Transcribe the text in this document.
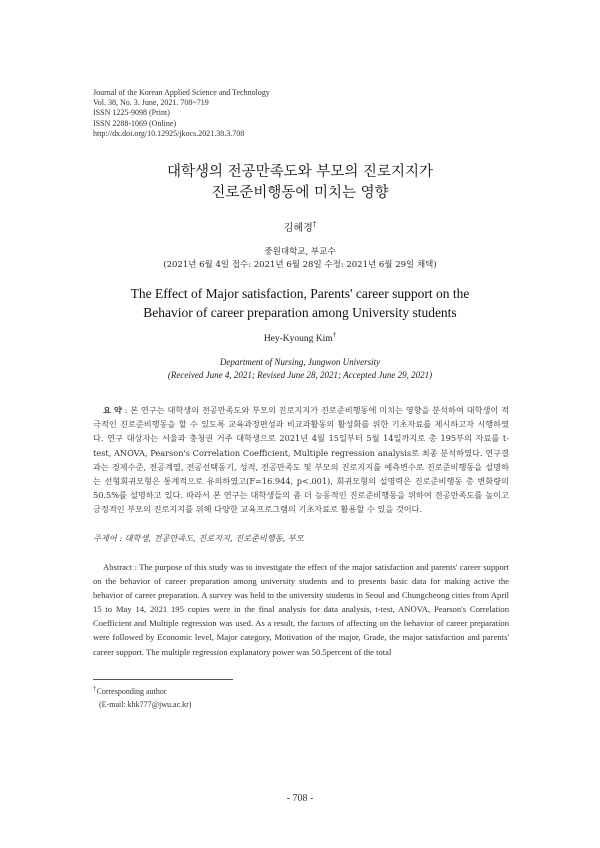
Journal of the Korean Applied Science and Technology
Vol. 38, No. 3. June, 2021. 708~719
ISSN 1225-9098 (Print)
ISSN 2288-1069 (Online)
http://dx.doi.org/10.12925/jkocs.2021.38.3.708
대학생의 전공만족도와 부모의 진로지지가
진로준비행동에 미치는 영향
김혜경†
중원대학교, 부교수
(2021년 6월 4일 접수: 2021년 6월 28일 수정: 2021년 6월 29일 채택)
The Effect of Major satisfaction, Parents' career support on the
Behavior of career preparation among University students
Hey-Kyoung Kim†
Department of Nursing, Jungwon University
(Received June 4, 2021; Revised June 28, 2021; Accepted June 29, 2021)
요 약 : 본 연구는 대학생의 전공만족도와 부모의 진로지지가 진로준비행동에 미치는 영향을 분석하여 대학생이 적극적인 진로준비행동을 할 수 있도록 교육과정편성과 비교과활동의 활성화를 위한 기초자료를 제시하고자 시행하였다. 연구 대상자는 서울과 충청권 거주 대학생으로 2021년 4월 15일부터 5월 14일까지로 총 195부의 자료를 t-test, ANOVA, Pearson's Correlation Coefficient, Multiple regression analysis로 최종 분석하였다. 연구결과는 경제수준, 전공계열, 전공선택동기, 성적, 전공만족도 및 부모의 진로지지를 예측변수로 진로준비행동을 설명하는 선형회귀모형은 통계적으로 유의하였고(F=16.944, p<.001), 회귀모형의 설명력은 진로준비행동 총 변화량의 50.5%를 설명하고 있다. 따라서 본 연구는 대학생들의 좀 더 능동적인 진로준비행동을 위하여 전공만족도를 높이고 긍정적인 부모의 진로지지를 위해 다양한 교육프로그램의 기초자료로 활용할 수 있을 것이다.
주제어 : 대학생, 전공만족도, 진로지지, 진로준비행동, 부모
Abstract : The purpose of this study was to investigate the effect of the major satisfaction and parents' career support on the behavior of career preparation among university students and to presents basic data for making active the behavior of career preparation. A survey was held to the university students in Seoul and Chungcheong cities from April 15 to May 14, 2021 195 copies were in the final analysis for data analysis, t-test, ANOVA, Pearson's Correlation Coefficient and Multiple regression was used. As a result, the factors of affecting on the behavior of career preparation were followed by Economic level, Major category, Motivation of the major, Grade, the major satisfaction and parents' career support. The multiple regression explanatory power was 50.5percent of the total
†Corresponding author
(E-mail: khk777@jwu.ac.kr)
- 708 -
